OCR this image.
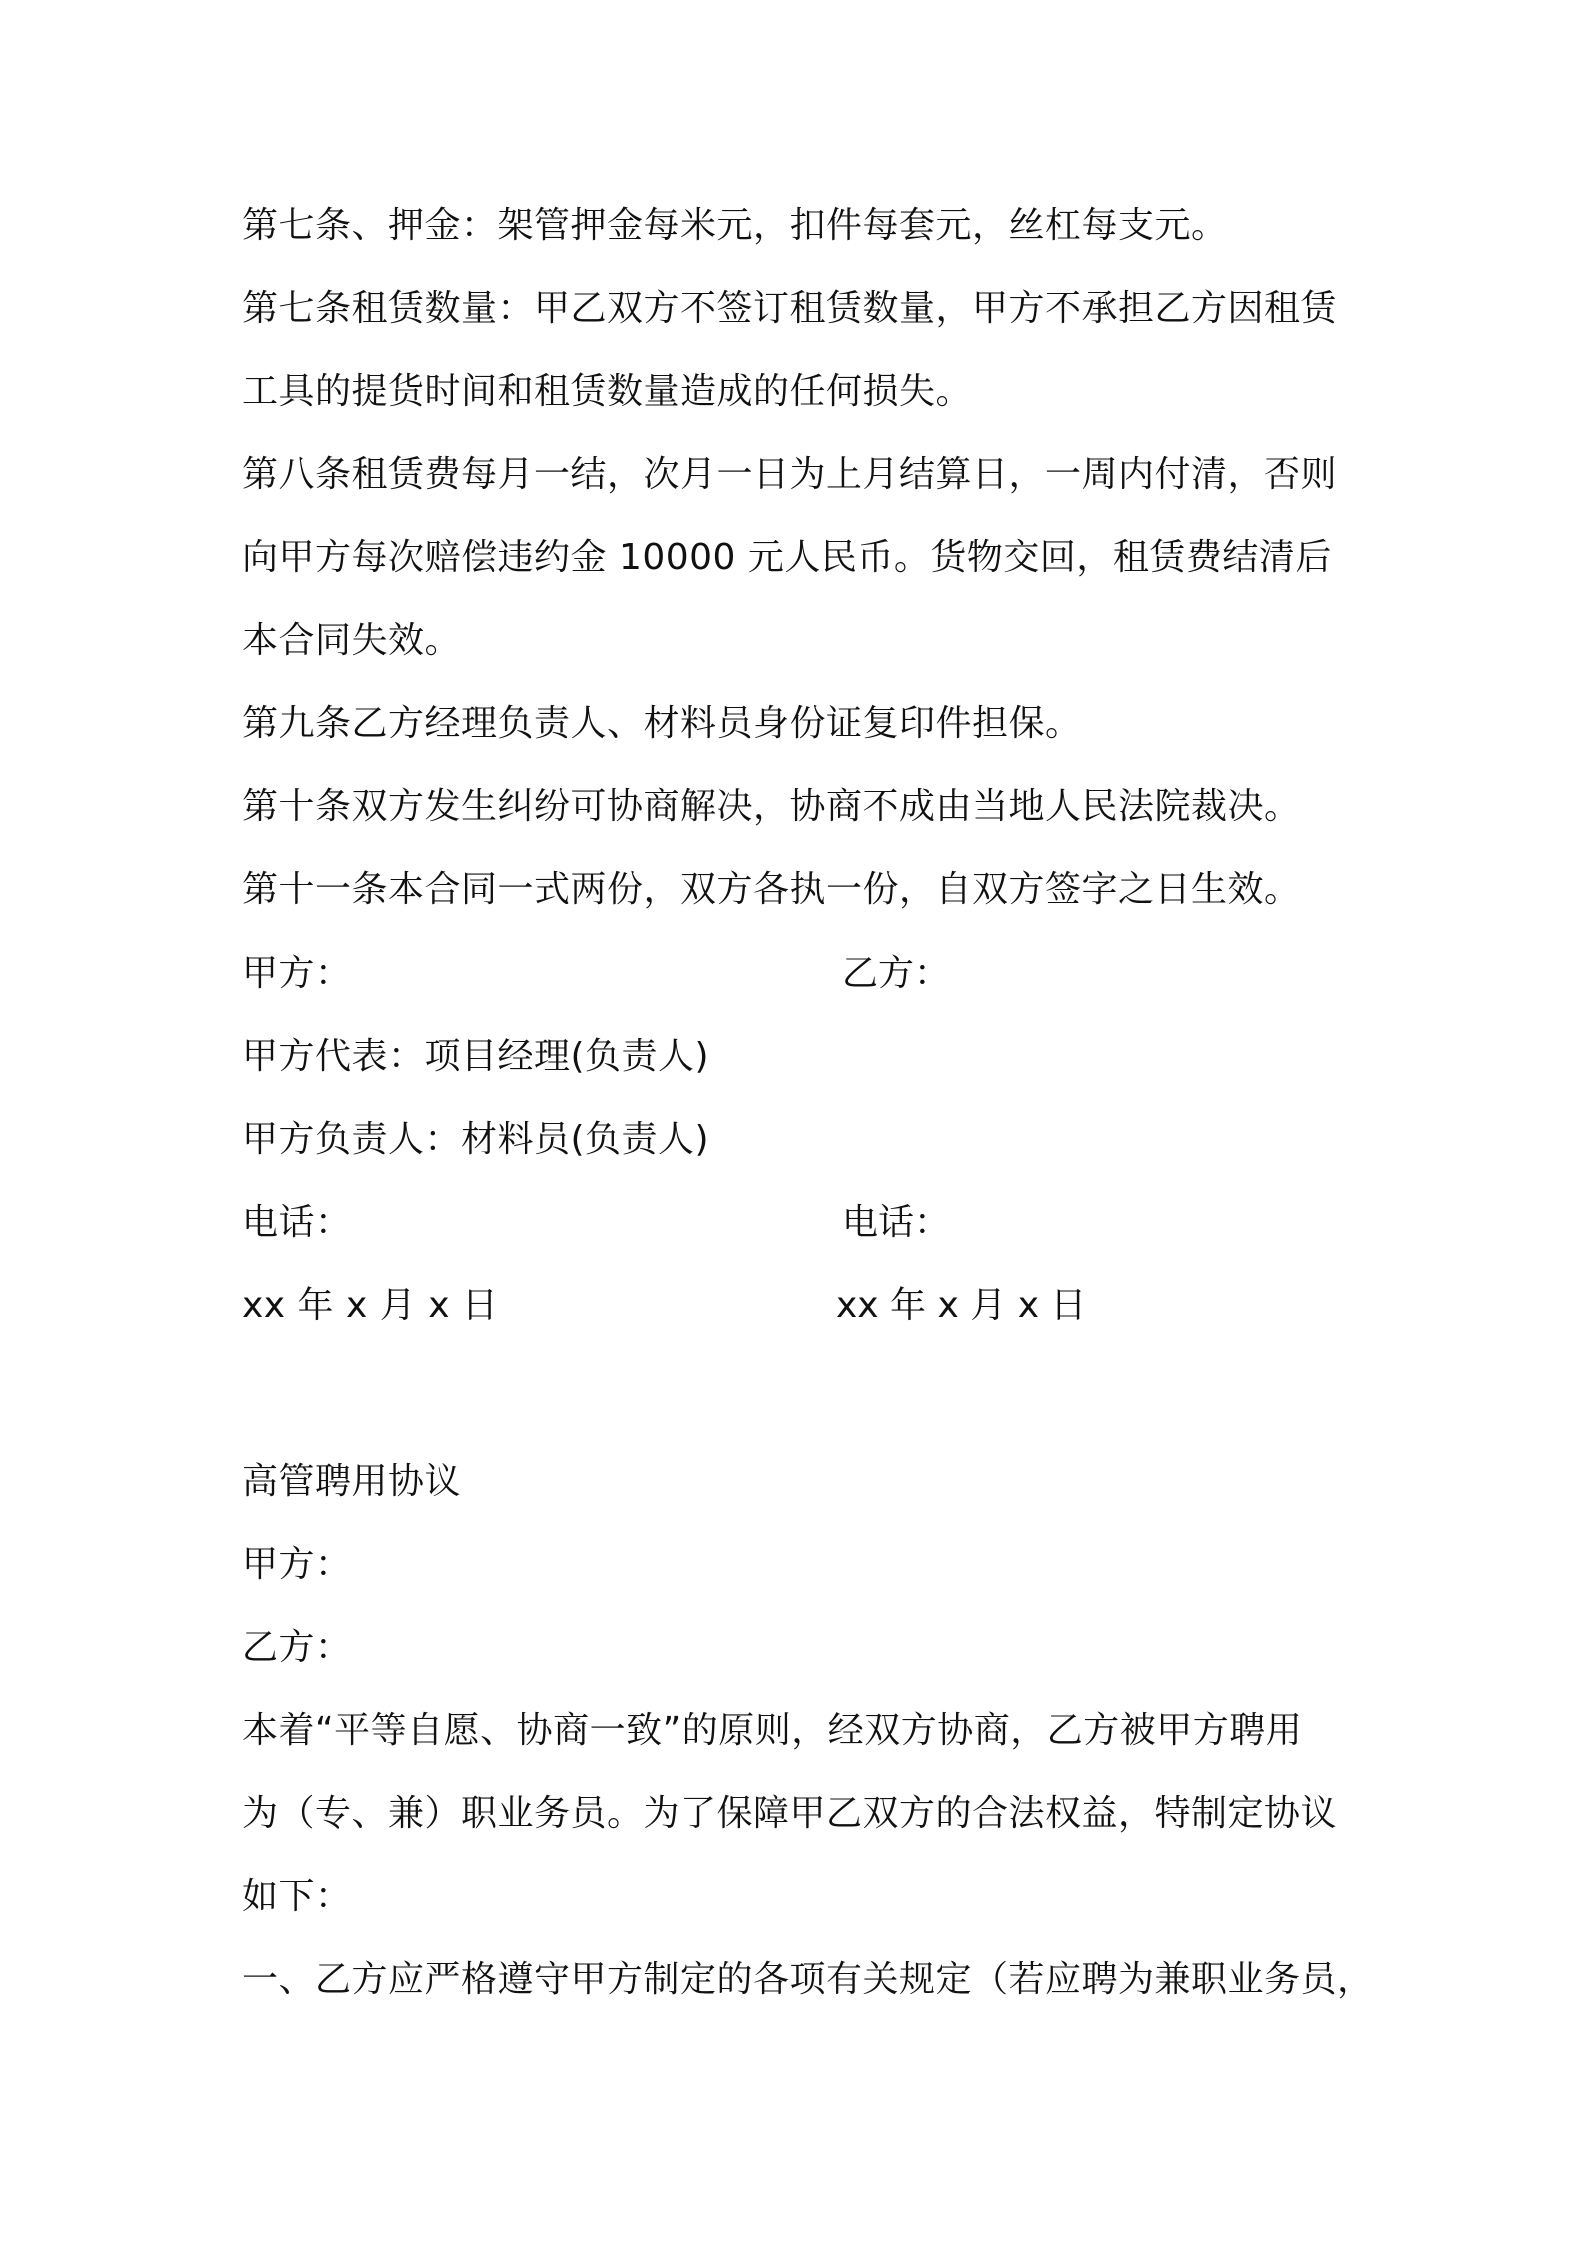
第七条、押金：架管押金每米元，扣件每套元，丝杠每支元。
第七条租赁数量：甲乙双方不签订租赁数量，甲方不承担乙方因租赁
工具的提货时间和租赁数量造成的任何损失。
第八条租赁费每月一结，次月一日为上月结算日，一周内付清，否则
向甲方每次赔偿违约金 10000 元人民币。货物交回，租赁费结清后
本合同失效。
第九条乙方经理负责人、材料员身份证复印件担保。
第十条双方发生纠纷可协商解决，协商不成由当地人民法院裁决。
第十一条本合同一式两份，双方各执一份，自双方签字之日生效。
甲方：	乙方：
甲方代表：项目经理(负责人)
甲方负责人：材料员(负责人)
电话：	电话：
xx 年 x 月 x 日	xx 年 x 月 x 日
高管聘用协议
甲方：
乙方：
本着“平等自愿、协商一致”的原则，经双方协商，乙方被甲方聘用
为（专、兼）职业务员。为了保障甲乙双方的合法权益，特制定协议
如下：
一、乙方应严格遵守甲方制定的各项有关规定（若应聘为兼职业务员，
